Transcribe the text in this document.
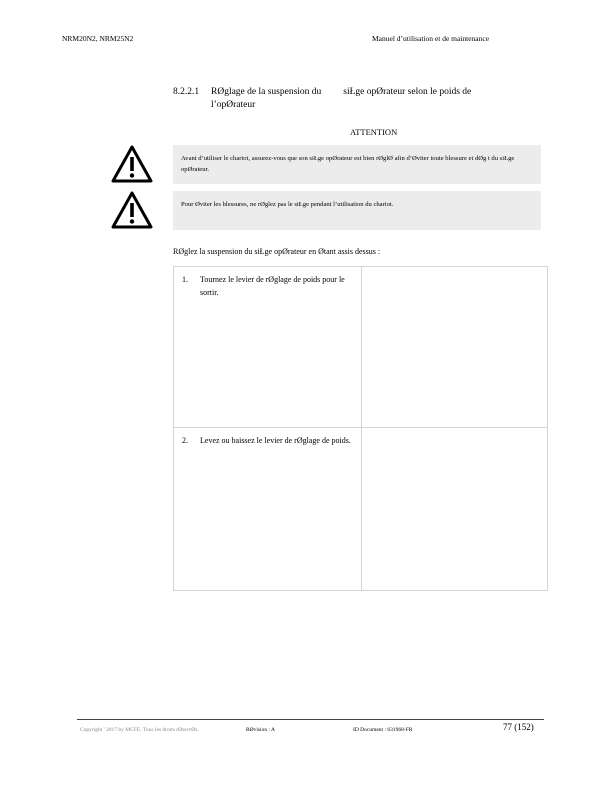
NRM20N2, NRM25N2	Manuel d’utilisation et de maintenance
8.2.2.1 RØglage de la suspension du siŁge opØrateur selon le poids de
l’opØrateur
ATTENTION
Avant d’utiliser le chariot, assurez-vous que son siŁge opØrateur est bien rØglØ afin d’Øviter toute blessure et dØg t du siŁge opØrateur.
Pour Øviter les blessures, ne rØglez pas le siŁge pendant l’utilisation du chariot.
RØglez la suspension du siŁge opØrateur en Øtant assis dessus :
1. Tournez le levier de rØglage de poids pour le sortir.	

2. Levez ou baissez le levier de rØglage de poids.	

Copyright ' 2017 by MCFE. Tous les droits rØservØs.	RØvision : A	ID Document : 631968-FR	77 (152)
